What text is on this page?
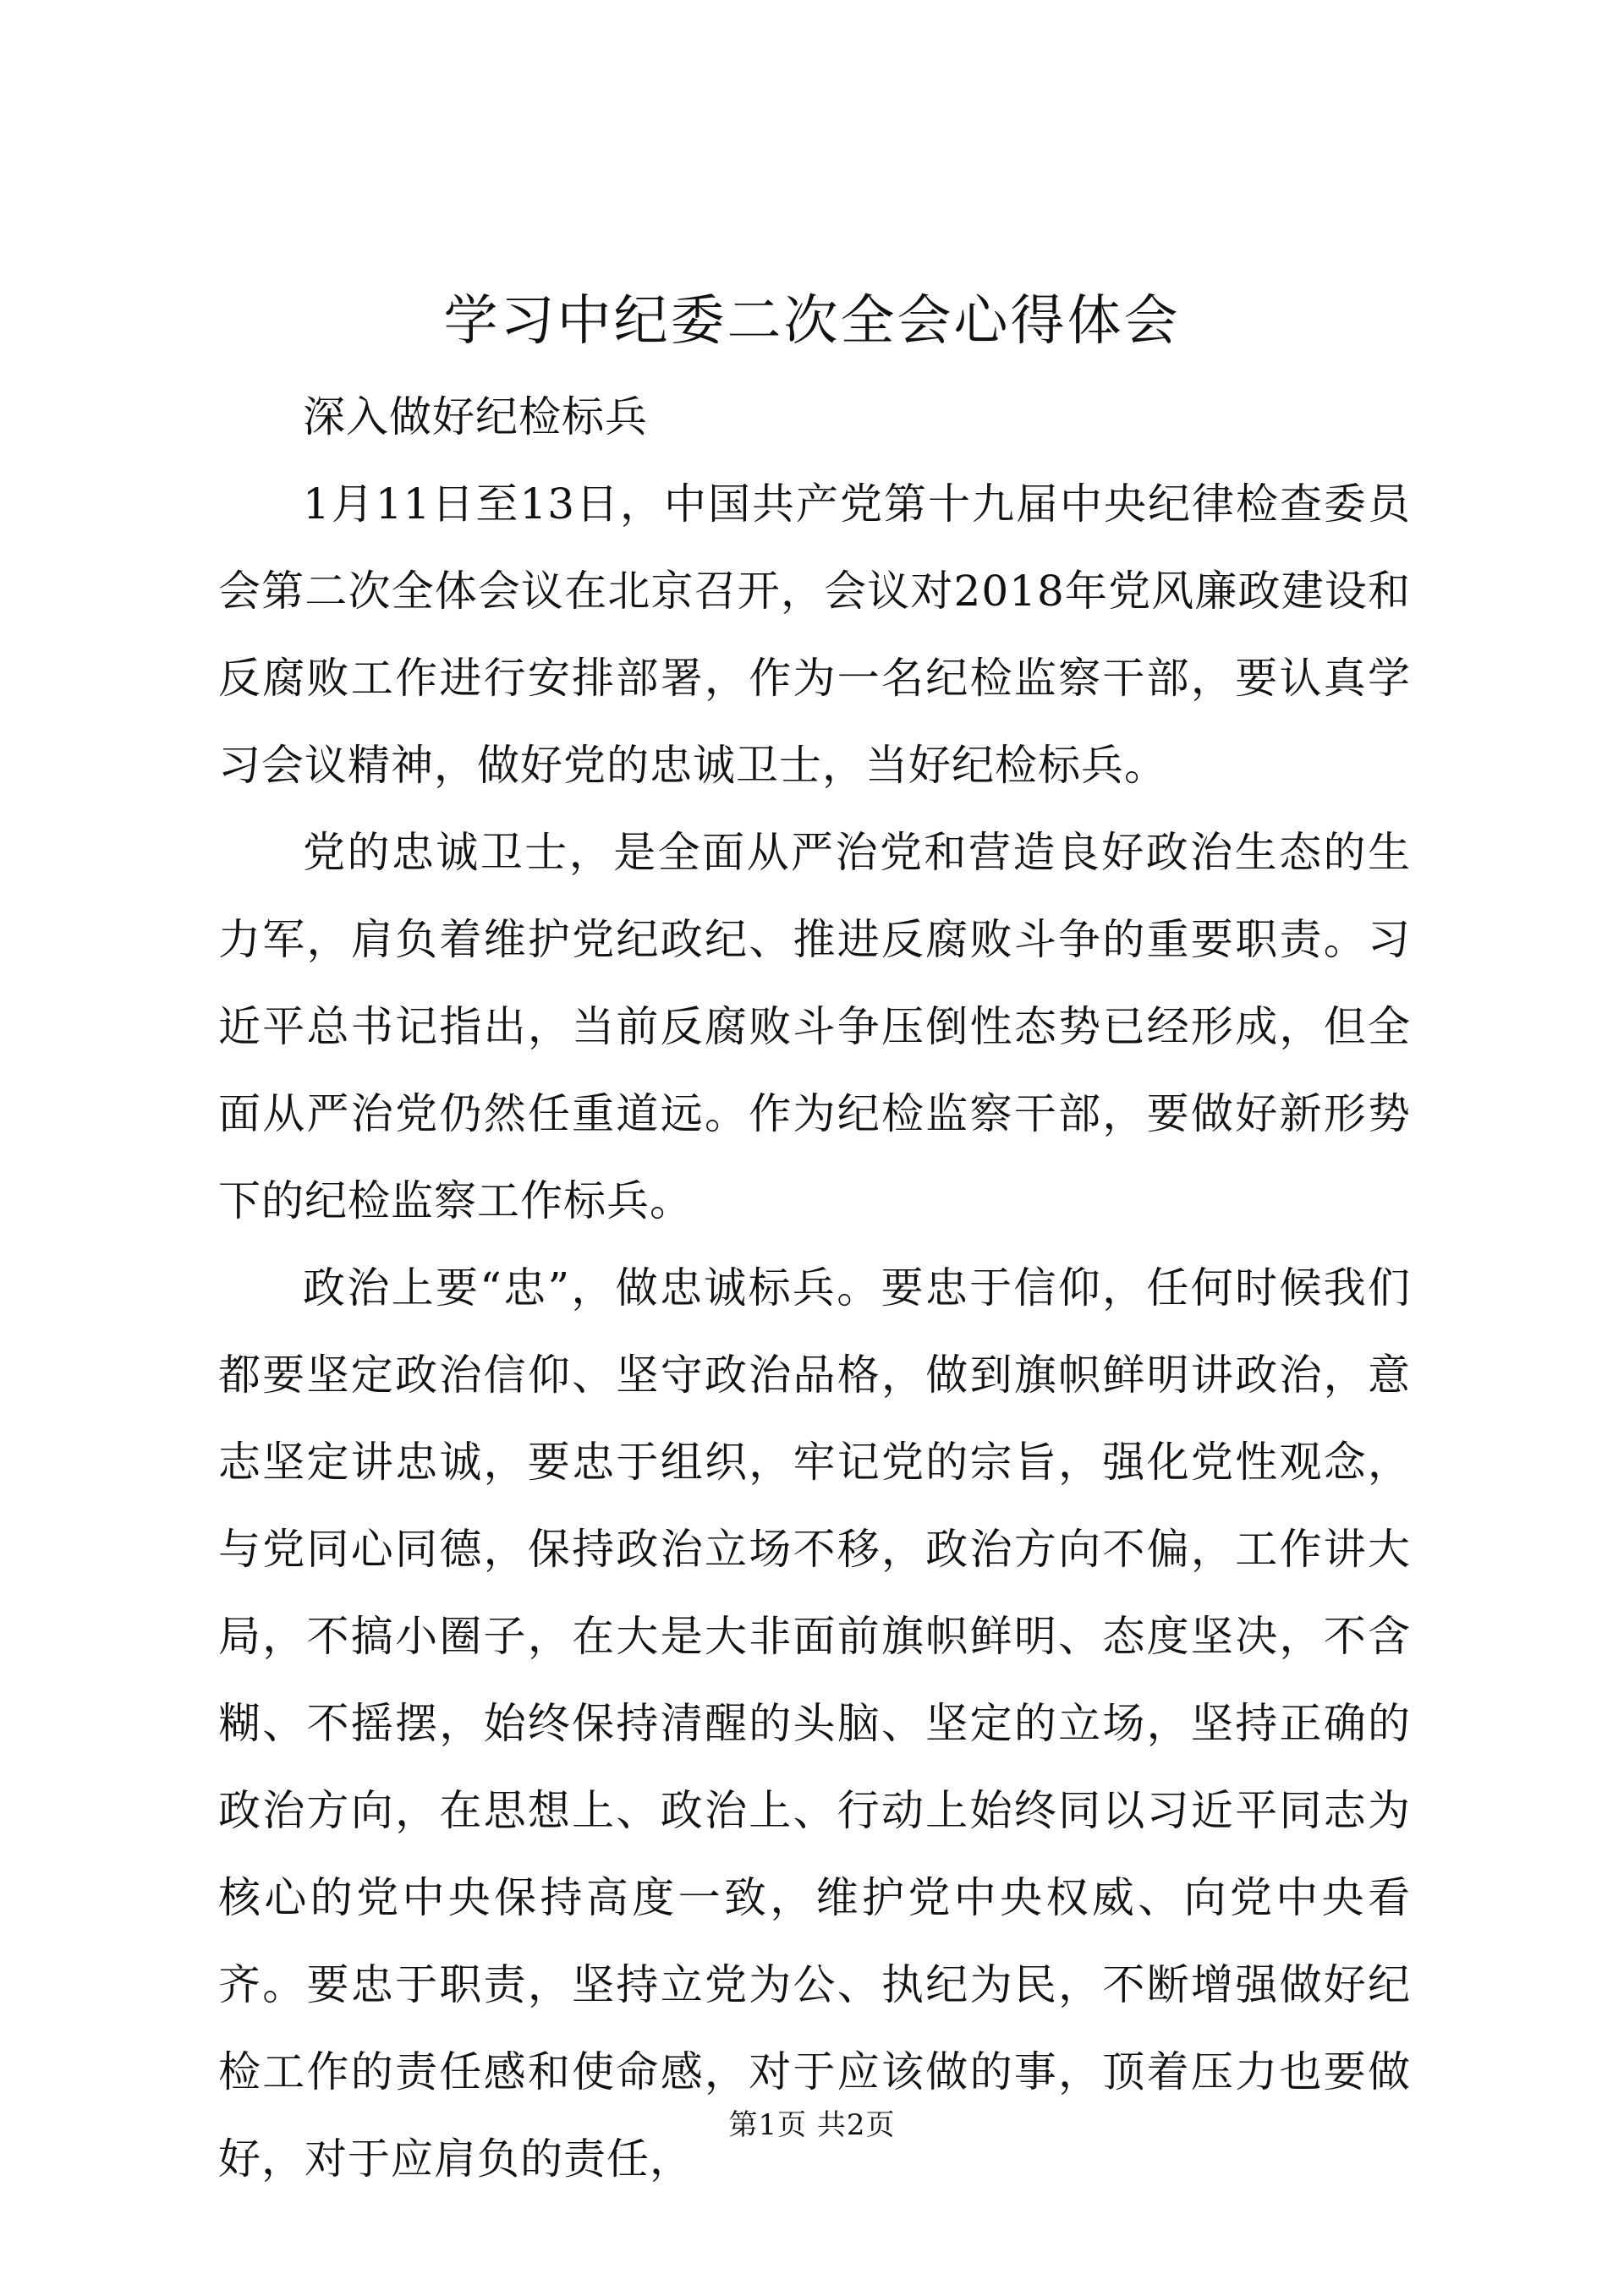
学习中纪委二次全会心得体会

深入做好纪检标兵

1月11日至13日，中国共产党第十九届中央纪律检查委员会第二次全体会议在北京召开，会议对2018年党风廉政建设和反腐败工作进行安排部署，作为一名纪检监察干部，要认真学习会议精神，做好党的忠诚卫士，当好纪检标兵。

党的忠诚卫士，是全面从严治党和营造良好政治生态的生力军，肩负着维护党纪政纪、推进反腐败斗争的重要职责。习近平总书记指出，当前反腐败斗争压倒性态势已经形成，但全面从严治党仍然任重道远。作为纪检监察干部，要做好新形势下的纪检监察工作标兵。

政治上要“忠”，做忠诚标兵。要忠于信仰，任何时候我们都要坚定政治信仰、坚守政治品格，做到旗帜鲜明讲政治，意志坚定讲忠诚，要忠于组织，牢记党的宗旨，强化党性观念，与党同心同德，保持政治立场不移，政治方向不偏，工作讲大局，不搞小圈子，在大是大非面前旗帜鲜明、态度坚决，不含糊、不摇摆，始终保持清醒的头脑、坚定的立场，坚持正确的政治方向，在思想上、政治上、行动上始终同以习近平同志为核心的党中央保持高度一致，维护党中央权威、向党中央看齐。要忠于职责，坚持立党为公、执纪为民，不断增强做好纪检工作的责任感和使命感，对于应该做的事，顶着压力也要做好，对于应肩负的责任，

第1页 共2页
